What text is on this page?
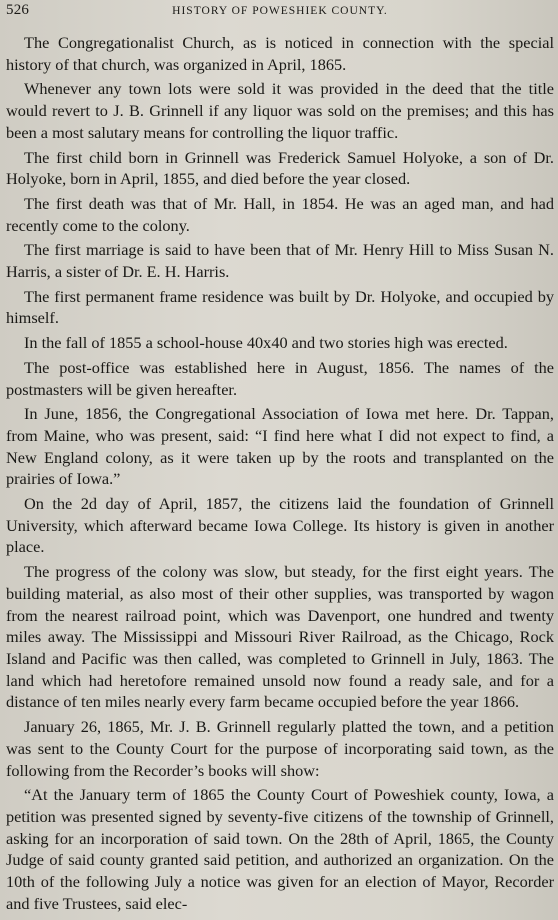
526	HISTORY OF POWESHIEK COUNTY.

The Congregationalist Church, as is noticed in connection with the special history of that church, was organized in April, 1865.

Whenever any town lots were sold it was provided in the deed that the title would revert to J. B. Grinnell if any liquor was sold on the premises; and this has been a most salutary means for controlling the liquor traffic.

The first child born in Grinnell was Frederick Samuel Holyoke, a son of Dr. Holyoke, born in April, 1855, and died before the year closed.

The first death was that of Mr. Hall, in 1854. He was an aged man, and had recently come to the colony.

The first marriage is said to have been that of Mr. Henry Hill to Miss Susan N. Harris, a sister of Dr. E. H. Harris.

The first permanent frame residence was built by Dr. Holyoke, and occupied by himself.

In the fall of 1855 a school-house 40x40 and two stories high was erected.

The post-office was established here in August, 1856. The names of the postmasters will be given hereafter.

In June, 1856, the Congregational Association of Iowa met here. Dr. Tappan, from Maine, who was present, said: “I find here what I did not expect to find, a New England colony, as it were taken up by the roots and transplanted on the prairies of Iowa.”

On the 2d day of April, 1857, the citizens laid the foundation of Grinnell University, which afterward became Iowa College. Its history is given in another place.

The progress of the colony was slow, but steady, for the first eight years. The building material, as also most of their other supplies, was transported by wagon from the nearest railroad point, which was Davenport, one hundred and twenty miles away. The Mississippi and Missouri River Railroad, as the Chicago, Rock Island and Pacific was then called, was completed to Grinnell in July, 1863. The land which had heretofore remained unsold now found a ready sale, and for a distance of ten miles nearly every farm became occupied before the year 1866.

January 26, 1865, Mr. J. B. Grinnell regularly platted the town, and a petition was sent to the County Court for the purpose of incorporating said town, as the following from the Recorder’s books will show:

“At the January term of 1865 the County Court of Poweshiek county, Iowa, a petition was presented signed by seventy-five citizens of the township of Grinnell, asking for an incorporation of said town. On the 28th of April, 1865, the County Judge of said county granted said petition, and authorized an organization. On the 10th of the following July a notice was given for an election of Mayor, Recorder and five Trustees, said elec-
